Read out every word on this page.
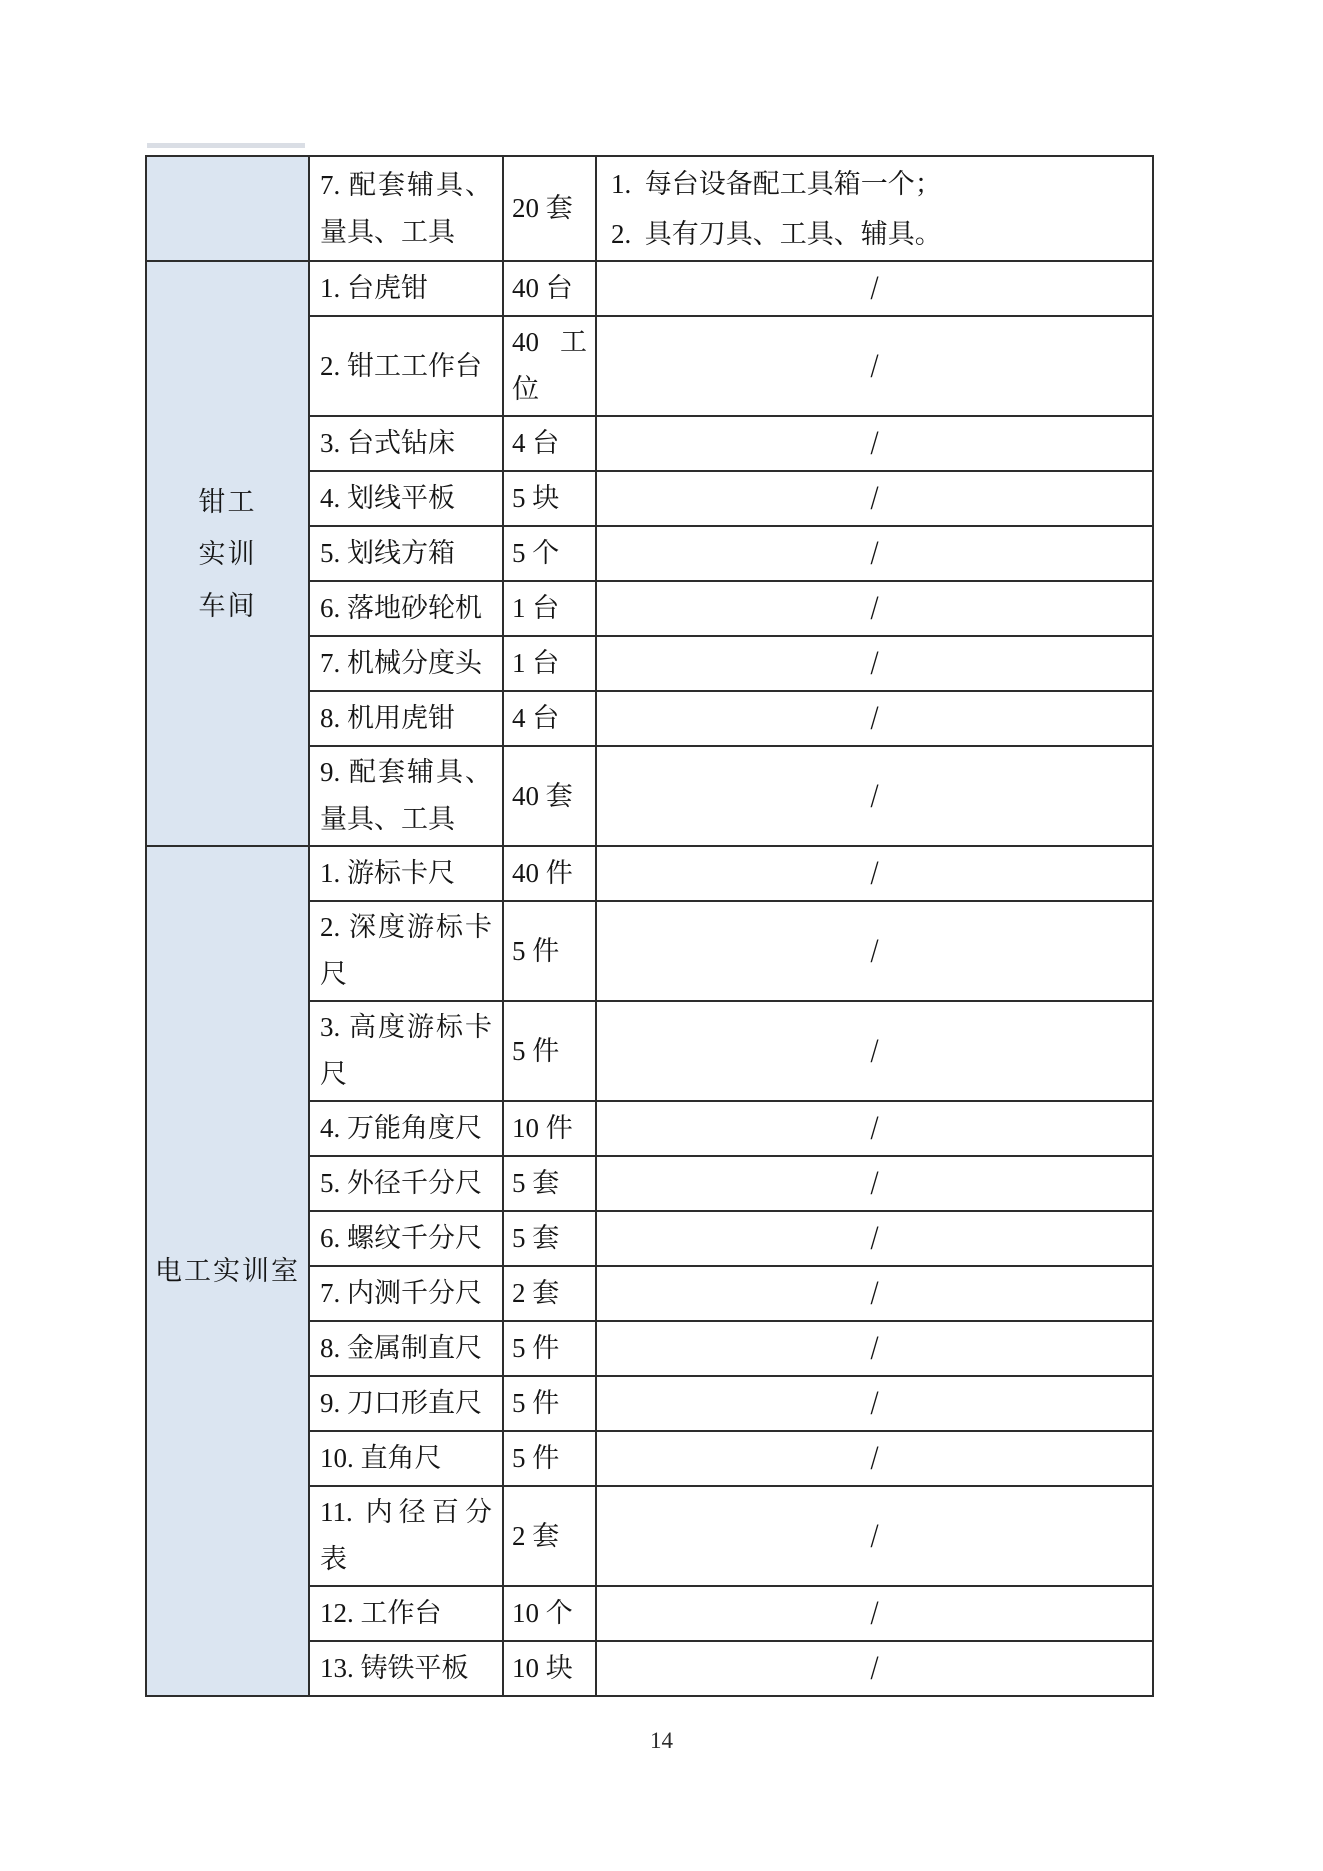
	7. 配套辅具、量具、工具	20 套	1. 每台设备配工具箱一个；
2. 具有刀具、工具、辅具。

钳工
实训
车间	1. 台虎钳	40 台	/
	2. 钳工工作台	40 工位	/
	3. 台式钻床	4 台	/
	4. 划线平板	5 块	/
	5. 划线方箱	5 个	/
	6. 落地砂轮机	1 台	/
	7. 机械分度头	1 台	/
	8. 机用虎钳	4 台	/
	9. 配套辅具、量具、工具	40 套	/

电工实训室	1. 游标卡尺	40 件	/
	2. 深度游标卡尺	5 件	/
	3. 高度游标卡尺	5 件	/
	4. 万能角度尺	10 件	/
	5. 外径千分尺	5 套	/
	6. 螺纹千分尺	5 套	/
	7. 内测千分尺	2 套	/
	8. 金属制直尺	5 件	/
	9. 刀口形直尺	5 件	/
	10. 直角尺	5 件	/
	11. 内径百分表	2 套	/
	12. 工作台	10 个	/
	13. 铸铁平板	10 块	/
14
